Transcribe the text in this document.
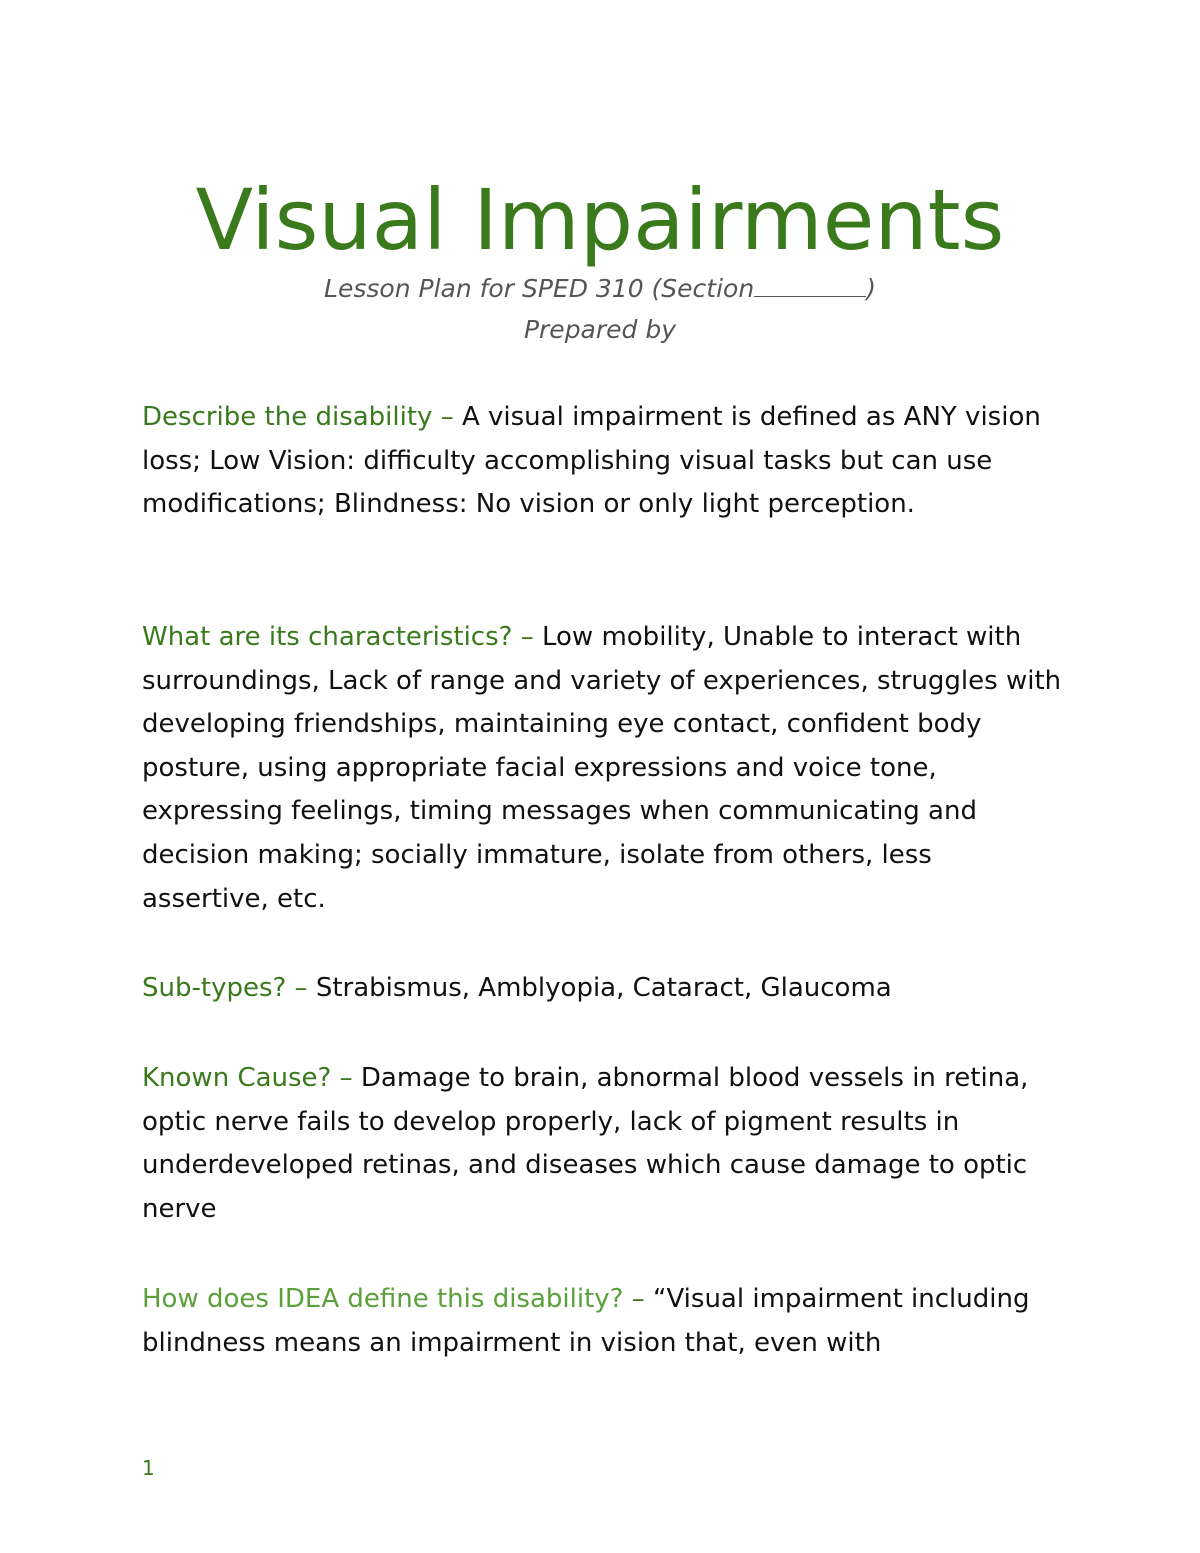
Visual Impairments
Lesson Plan for SPED 310 (Section	)
Prepared by

Describe the disability – A visual impairment is defined as ANY vision loss; Low Vision: difficulty accomplishing visual tasks but can use modifications; Blindness: No vision or only light perception.

What are its characteristics? – Low mobility, Unable to interact with surroundings, Lack of range and variety of experiences, struggles with developing friendships, maintaining eye contact, confident body posture, using appropriate facial expressions and voice tone, expressing feelings, timing messages when communicating and decision making; socially immature, isolate from others, less assertive, etc.

Sub-types? – Strabismus, Amblyopia, Cataract, Glaucoma

Known Cause? – Damage to brain, abnormal blood vessels in retina, optic nerve fails to develop properly, lack of pigment results in underdeveloped retinas, and diseases which cause damage to optic nerve

How does IDEA define this disability? – “Visual impairment including blindness means an impairment in vision that, even with

1
